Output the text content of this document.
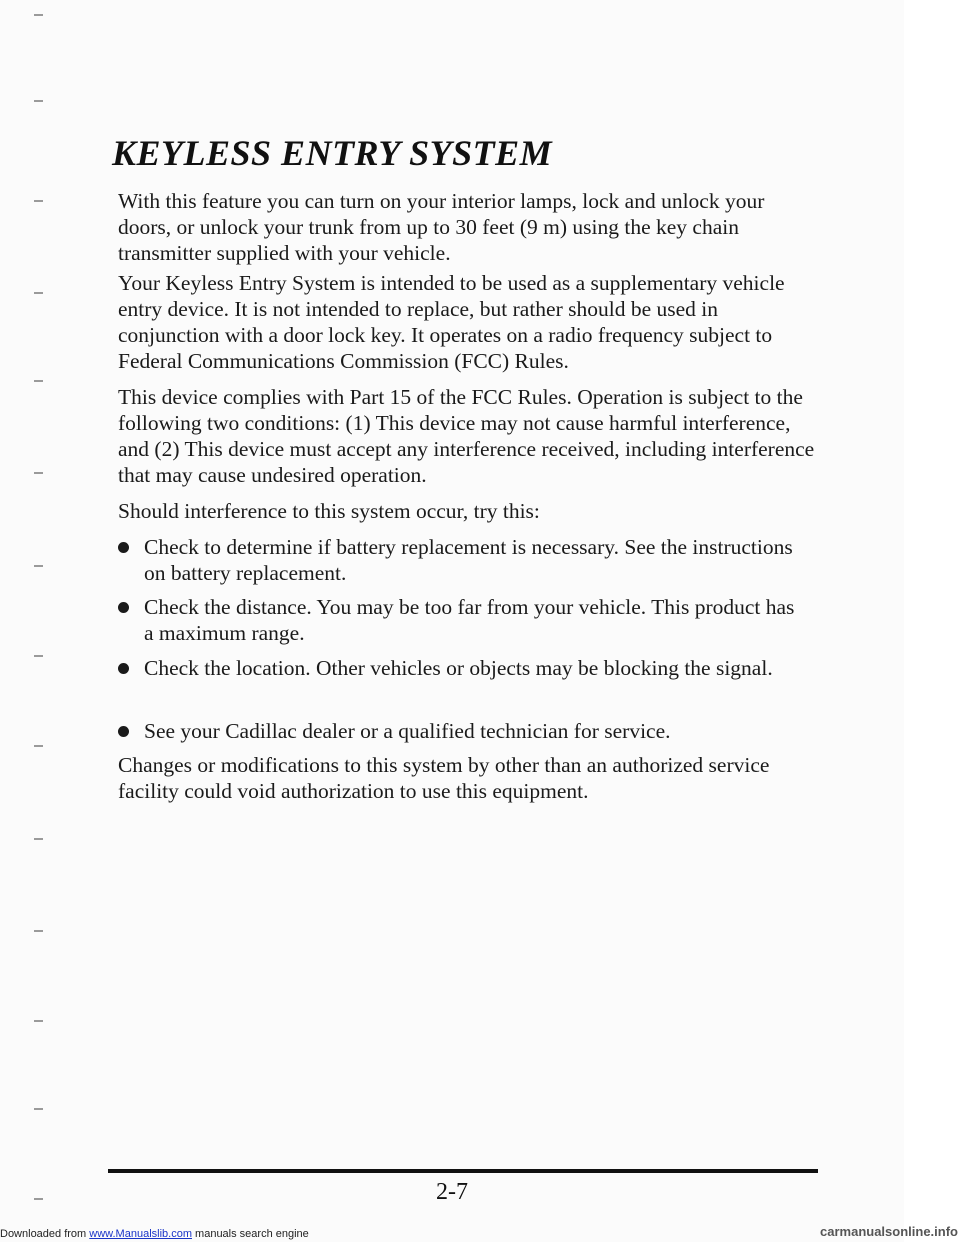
KEYLESS ENTRY SYSTEM

With this feature you can turn on your interior lamps, lock and unlock your doors, or unlock your trunk from up to 30 feet (9 m) using the key chain transmitter supplied with your vehicle.

Your Keyless Entry System is intended to be used as a supplementary vehicle entry device. It is not intended to replace, but rather should be used in conjunction with a door lock key. It operates on a radio frequency subject to Federal Communications Commission (FCC) Rules.

This device complies with Part 15 of the FCC Rules. Operation is subject to the following two conditions: (1) This device may not cause harmful interference, and (2) This device must accept any interference received, including interference that may cause undesired operation.

Should interference to this system occur, try this:

Check to determine if battery replacement is necessary. See the instructions on battery replacement.
Check the distance. You may be too far from your vehicle. This product has a maximum range.
Check the location. Other vehicles or objects may be blocking the signal.
See your Cadillac dealer or a qualified technician for service.

Changes or modifications to this system by other than an authorized service facility could void authorization to use this equipment.

2-7
Downloaded from www.Manualslib.com manuals search engine	carmanualsonline.info
